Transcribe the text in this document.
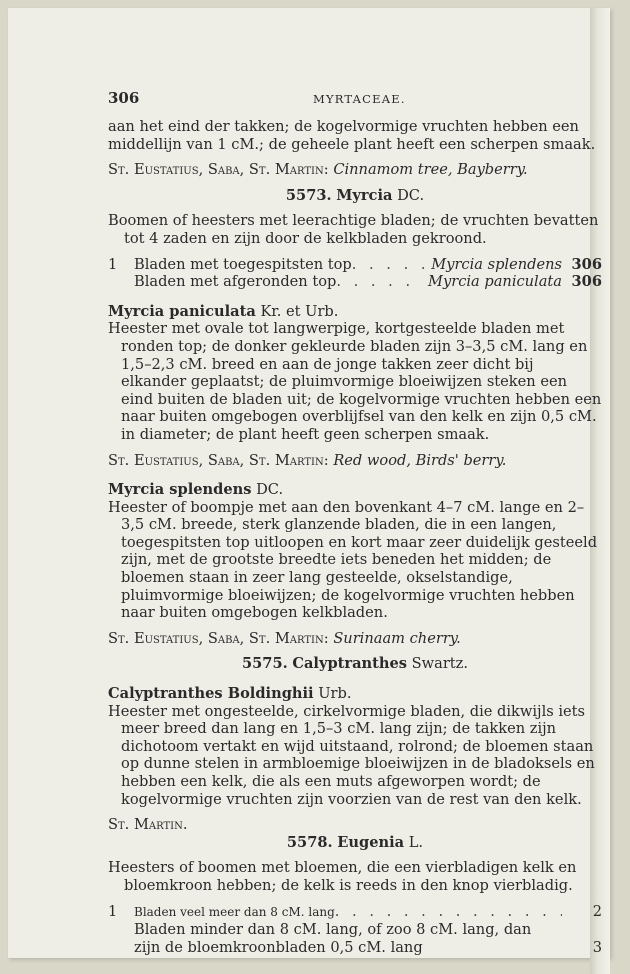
306	MYRTACEAE.

aan het eind der takken; de kogelvormige vruchten hebben een middellijn van 1 cM.; de geheele plant heeft een scherpen smaak.

St. Eustatius, Saba, St. Martin: Cinnamom tree, Bayberry.

5573. Myrcia DC.

Boomen of heesters met leerachtige bladen; de vruchten bevatten tot 4 zaden en zijn door de kelkbladen gekroond.

1	Bladen met toegespitsten top . . .	Myrcia splendens 306
Bladen met afgeronden top . . .	Myrcia paniculata 306

Myrcia paniculata Kr. et Urb.

Heester met ovale tot langwerpige, kortgesteelde bladen met ronden top; de donker gekleurde bladen zijn 3–3,5 cM. lang en 1,5–2,3 cM. breed en aan de jonge takken zeer dicht bij elkander geplaatst; de pluimvormige bloeiwijzen steken een eind buiten de bladen uit; de kogelvormige vruchten hebben een naar buiten omgebogen overblijfsel van den kelk en zijn 0,5 cM. in diameter; de plant heeft geen scherpen smaak.

St. Eustatius, Saba, St. Martin: Red wood, Birds' berry.

Myrcia splendens DC.

Heester of boompje met aan den bovenkant 4–7 cM. lange en 2–3,5 cM. breede, sterk glanzende bladen, die in een langen, toegespitsten top uitloopen en kort maar zeer duidelijk gesteeld zijn, met de grootste breedte iets beneden het midden; de bloemen staan in zeer lang gesteelde, okselstandige, pluimvormige bloeiwijzen; de kogelvormige vruchten hebben naar buiten omgebogen kelkbladen.

St. Eustatius, Saba, St. Martin: Surinaam cherry.

5575. Calyptranthes Swartz.

Calyptranthes Boldinghii Urb.

Heester met ongesteelde, cirkelvormige bladen, die dikwijls iets meer breed dan lang en 1,5–3 cM. lang zijn; de takken zijn dichotoom vertakt en wijd uitstaand, rolrond; de bloemen staan op dunne stelen in armbloemige bloeiwijzen in de bladoksels en hebben een kelk, die als een muts afgeworpen wordt; de kogelvormige vruchten zijn voorzien van de rest van den kelk.

St. Martin.

5578. Eugenia L.

Heesters of boomen met bloemen, die een vierbladigen kelk en bloemkroon hebben; de kelk is reeds in den knop vierbladig.

1	Bladen veel meer dan 8 cM. lang . . .	2
Bladen minder dan 8 cM. lang, of zoo 8 cM. lang, dan zijn de bloemkroonbladen 0,5 cM. lang	3
